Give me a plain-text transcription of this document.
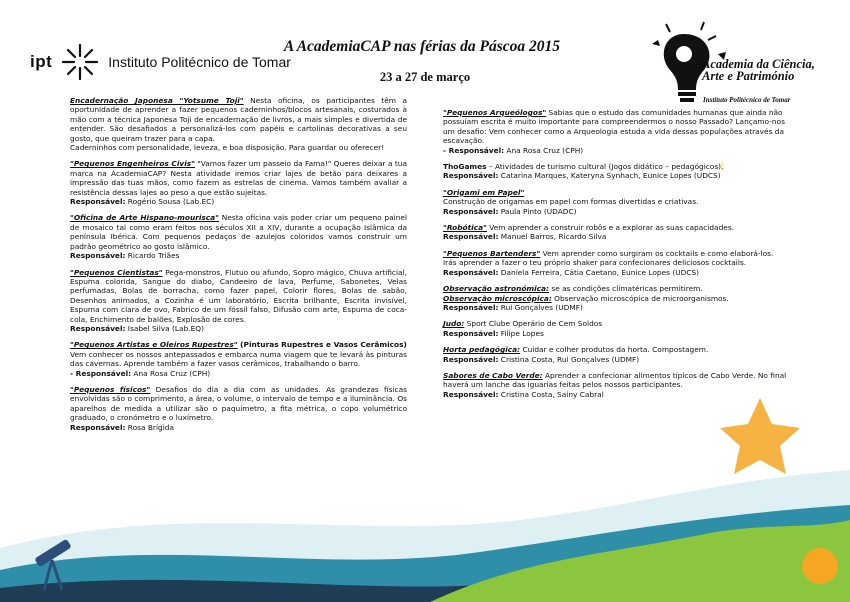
ipt	Instituto Politécnico de Tomar
A AcademiaCAP nas férias da Páscoa 2015
23 a 27 de março
Academia da Ciência,
Arte e Património
Instituto Politécnico de Tomar
Encadernação Japonesa "Yotsume Toji" Nesta oficina, os participantes têm a oportunidade de aprender a fazer pequenos caderninhos/blocos artesanais, costurados à mão com a técnica Japonesa Toji de encadernação de livros, a mais simples e divertida de entender. São desafiados a personalizá-los com papéis e cartolinas decorativas a seu gosto, que queiram trazer para a capa.
Caderninhos com personalidade, leveza, e boa disposição. Para guardar ou oferecer!
"Pequenos Engenheiros Civis" "Vamos fazer um passeio da Fama!" Queres deixar a tua marca na AcademiaCAP? Nesta atividade iremos criar lajes de betão para deixares a impressão das tuas mãos, como fazem as estrelas de cinema. Vamos também avaliar a resistência dessas lajes ao peso a que estão sujeitas.
Responsável: Rogério Sousa (Lab.EC)
"Oficina de Arte Hispano-mourisca" Nesta oficina vais poder criar um pequeno painel de mosaico tal como eram feitos nos séculos XII a XIV, durante a ocupação Islâmica da península Ibérica. Com pequenos pedaços de azulejos coloridos vamos construir um padrão geométrico ao gosto islâmico.
Responsável: Ricardo Triães
"Pequenos Cientistas" Pega-monstros, Flutuo ou afundo, Sopro mágico, Chuva artificial, Espuma colorida, Sangue do diabo, Candeeiro de lava, Perfume, Sabonetes, Velas perfumadas, Bolas de borracha, como fazer papel, Colorir flores, Bolas de sabão, Desenhos animados, a Cozinha é um laboratório, Escrita brilhante, Escrita invisível, Espuma com clara de ovo, Fabrico de um fóssil falso, Difusão com arte, Espuma de coca-cola, Enchimento de balões, Explosão de cores.
Responsável: Isabel Silva (Lab.EQ)
"Pequenos Artistas e Oleiros Rupestres" (Pinturas Rupestres e Vasos Cerâmicos)
Vem conhecer os nossos antepassados e embarca numa viagem que te levará às pinturas das cavernas. Aprende também a fazer vasos cerâmicos, trabalhando o barro.
- Responsável: Ana Rosa Cruz (CPH)
"Pequenos físicos" Desafios do dia a dia com as unidades. As grandezas físicas envolvidas são o comprimento, a área, o volume, o intervalo de tempo e a iluminância. Os aparelhos de medida a utilizar são o paquímetro, a fita métrica, o copo volumétrico graduado, o cronómetro e o luxímetro.
Responsável: Rosa Brígida
"Pequenos Arqueólogos" Sabias que o estudo das comunidades humanas que ainda não possuíam escrita é muito importante para compreendermos o nosso Passado? Lançamo-nos um desafio: Vem conhecer como a Arqueologia estuda a vida dessas populações através da escavação.
- Responsável: Ana Rosa Cruz (CPH)
ThoGames – Atividades de turismo cultural (Jogos didático – pedagógicos).
Responsável: Catarina Marques, Kateryna Synhach, Eunice Lopes (UDCS)
"Origami em Papel"
Construção de origamas em papel com formas divertidas e criativas.
Responsável: Paula Pinto (UDADC)
"Robótica" Vem aprender a construir robôs e a explorar as suas capacidades.
Responsável: Manuel Barros, Ricardo Silva
"Pequenos Bartenders" Vem aprender como surgiram os cocktails e como elaborá-los. Irás aprender a fazer o teu próprio shaker para confecionares deliciosos cocktails.
Responsável: Daniela Ferreira, Cátia Caetano, Eunice Lopes (UDCS)
Observação astronómica: se as condições climatéricas permitirem.
Observação microscópica: Observação microscópica de microorganismos.
Responsável: Rui Gonçalves (UDMF)
Judo: Sport Clube Operário de Cem Soldos
Responsável: Filipe Lopes
Horta pedagógica: Cuidar e colher produtos da horta. Compostagem.
Responsável: Cristina Costa, Rui Gonçalves (UDMF)
Sabores de Cabo Verde: Aprender a confecionar alimentos típicos de Cabo Verde. No final haverá um lanche das iguarias feitas pelos nossos participantes.
Responsável: Cristina Costa, Sainy Cabral
